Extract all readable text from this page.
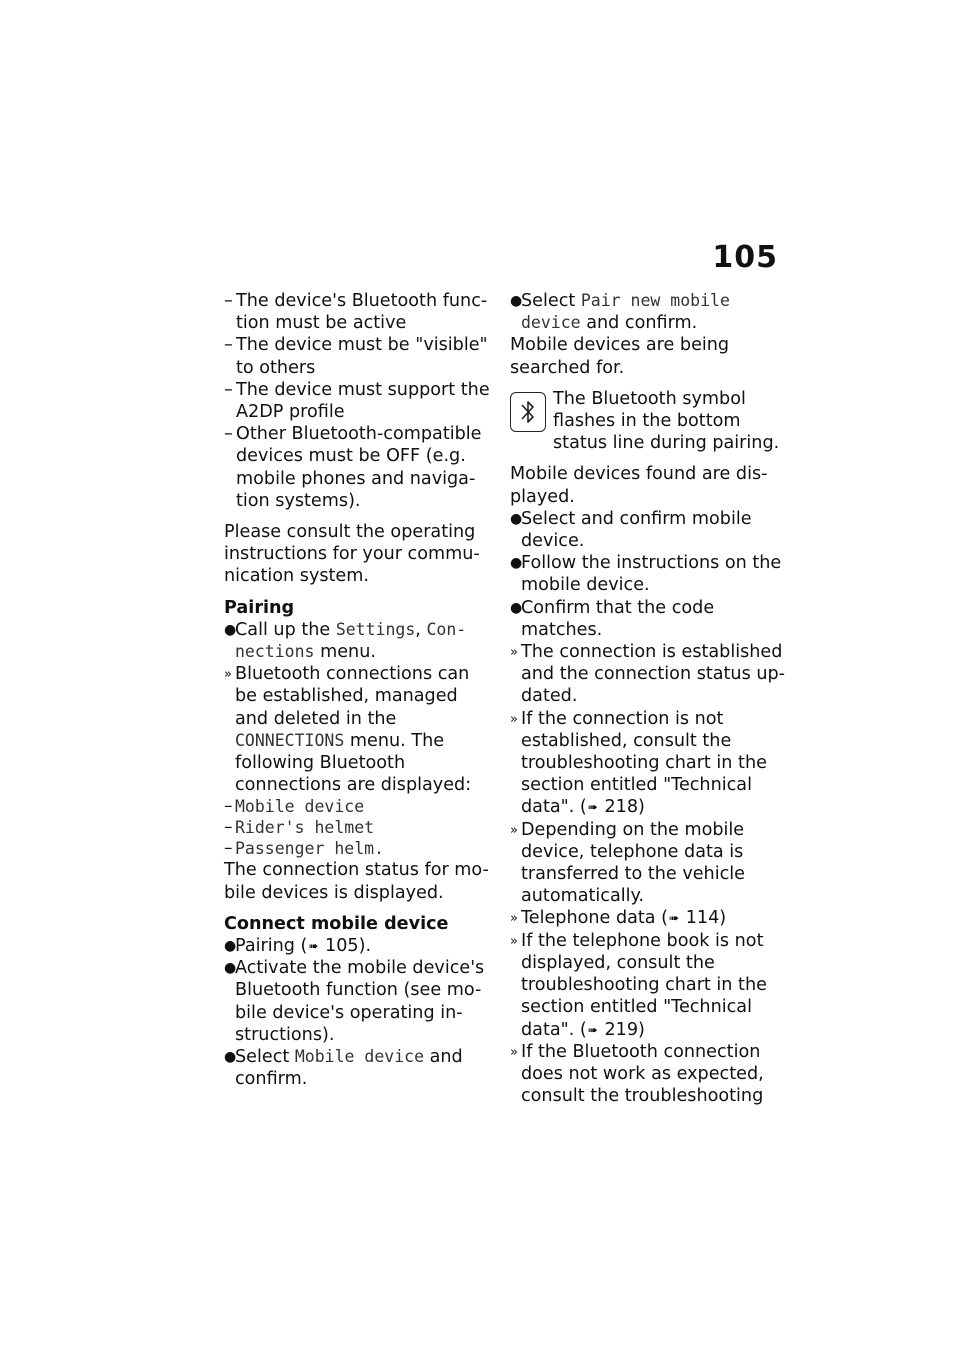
105
– The device's Bluetooth func-tion must be active
– The device must be "visible" to others
– The device must support the A2DP profile
– Other Bluetooth-compatible devices must be OFF (e.g. mobile phones and naviga-tion systems).

Please consult the operating instructions for your commu-nication system.

Pairing
●
Call up the Settings, Con-nections menu.
» Bluetooth connections can be established, managed and deleted in the CONNECTIONS menu. The following Bluetooth connections are displayed:
– Mobile device
– Rider's helmet
– Passenger helm.

The connection status for mo-bile devices is displayed.

Connect mobile device
●
Pairing (➠ 105).
●
Activate the mobile device's Bluetooth function (see mo-bile device's operating in-structions).
●
Select Mobile device and confirm.
●
Select Pair new mobile device and confirm.

Mobile devices are being searched for.

The Bluetooth symbol flashes in the bottom status line during pairing.

Mobile devices found are dis-played.

●
Select and confirm mobile device.
●
Follow the instructions on the mobile device.
●
Confirm that the code matches.
» The connection is established and the connection status up-dated.
» If the connection is not established, consult the troubleshooting chart in the section entitled "Technical data". (➠ 218)
» Depending on the mobile device, telephone data is transferred to the vehicle automatically.
» Telephone data (➠ 114)
» If the telephone book is not displayed, consult the troubleshooting chart in the section entitled "Technical data". (➠ 219)
» If the Bluetooth connection does not work as expected, consult the troubleshooting
